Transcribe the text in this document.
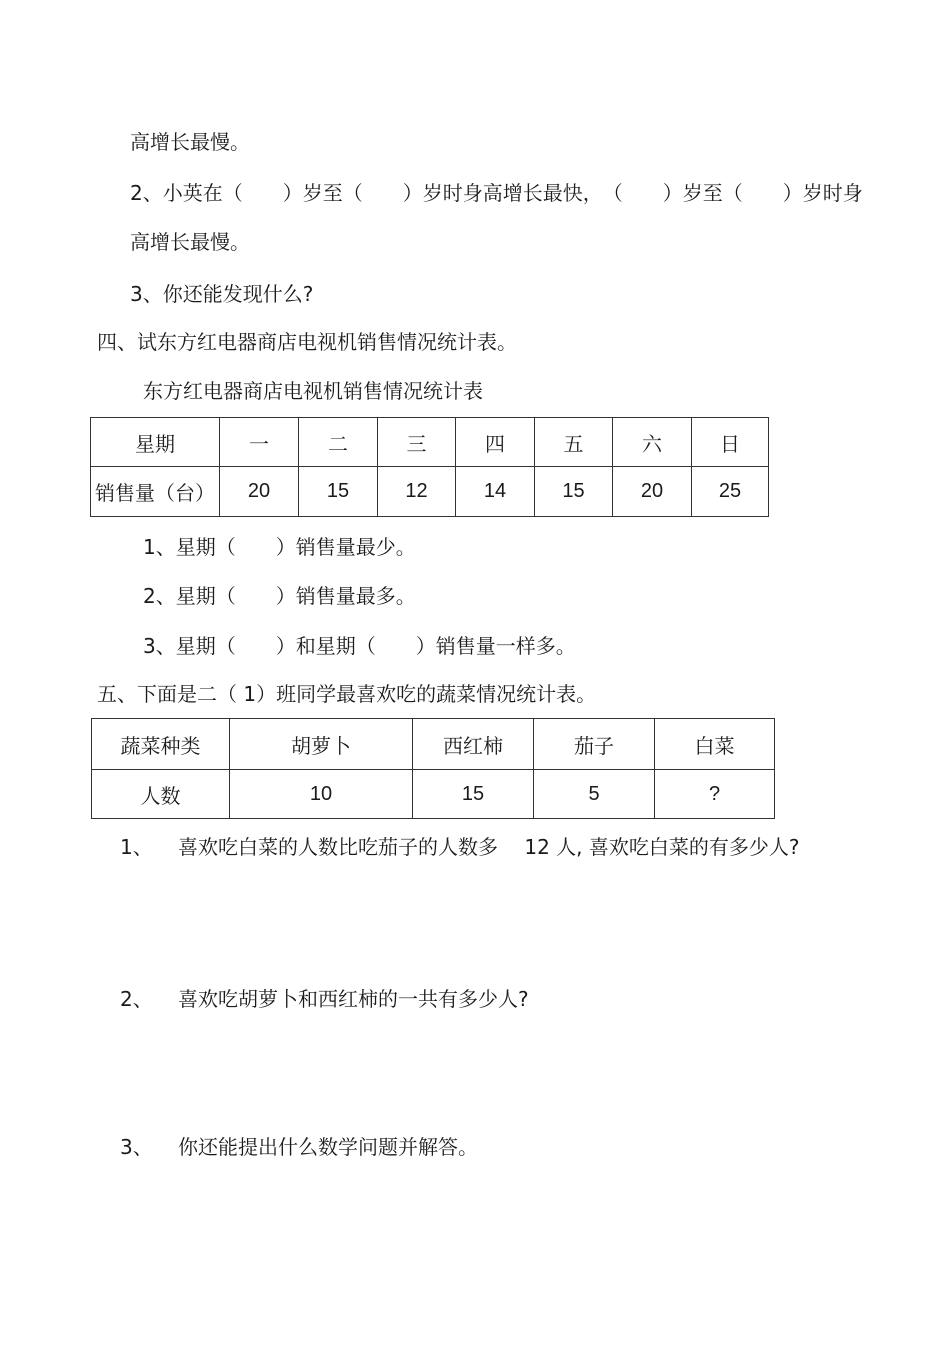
高增长最慢。
2、小英在（　　）岁至（　　）岁时身高增长最快，　（　　）岁至（　　）岁时身
高增长最慢。
3、你还能发现什么?
四、试东方红电器商店电视机销售情况统计表。
东方红电器商店电视机销售情况统计表
星期	一	二	三	四	五	六	日
销售量（台）	20	15	12	14	15	20	25
1、星期（　　）销售量最少。
2、星期（　　）销售量最多。
3、星期（　　）和星期（　　）销售量一样多。
五、下面是二（ 1）班同学最喜欢吃的蔬菜情况统计表。
蔬菜种类	胡萝卜	西红柿	茄子	白菜
人数	10	15	5	?
1、 喜欢吃白菜的人数比吃茄子的人数多　 12 人, 喜欢吃白菜的有多少人?
2、 喜欢吃胡萝卜和西红柿的一共有多少人?
3、 你还能提出什么数学问题并解答。
